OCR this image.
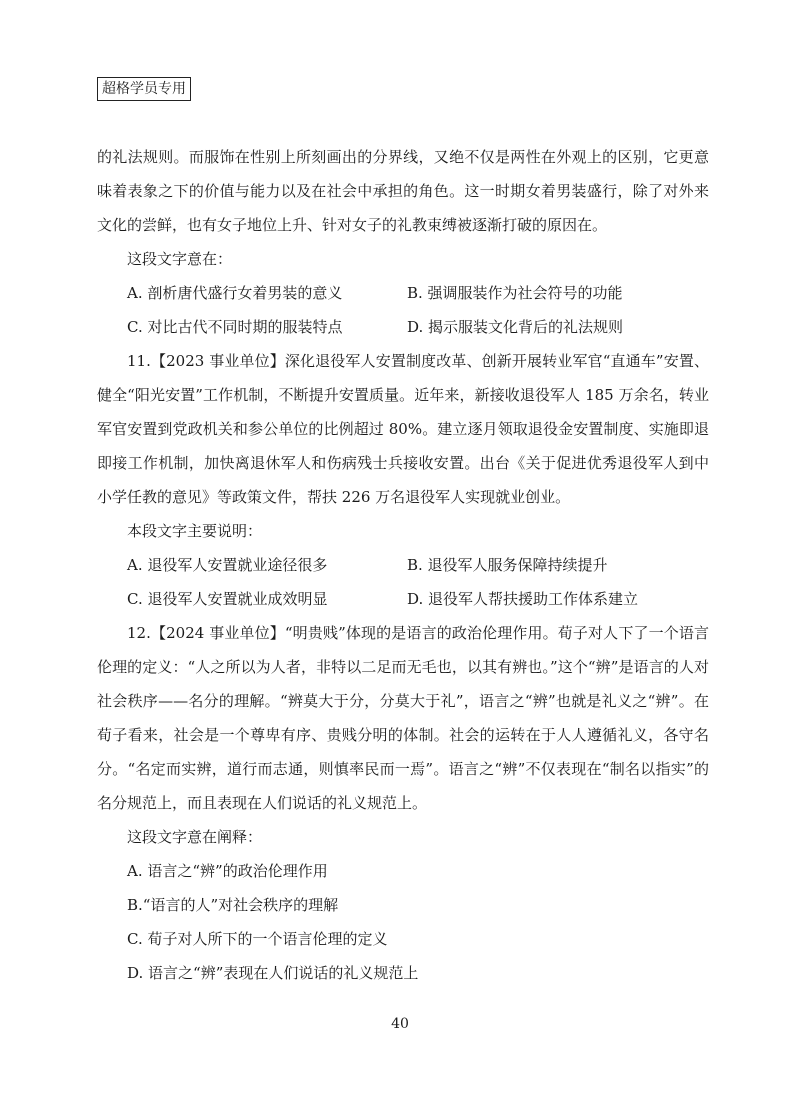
超格学员专用

的礼法规则。而服饰在性别上所刻画出的分界线，又绝不仅是两性在外观上的区别，它更意味着表象之下的价值与能力以及在社会中承担的角色。这一时期女着男装盛行，除了对外来文化的尝鲜，也有女子地位上升、针对女子的礼教束缚被逐渐打破的原因在。

这段文字意在：

A. 剖析唐代盛行女着男装的意义	B. 强调服装作为社会符号的功能
C. 对比古代不同时期的服装特点	D. 揭示服装文化背后的礼法规则

11.【2023 事业单位】深化退役军人安置制度改革、创新开展转业军官“直通车”安置、健全“阳光安置”工作机制，不断提升安置质量。近年来，新接收退役军人 185 万余名，转业军官安置到党政机关和参公单位的比例超过 80%。建立逐月领取退役金安置制度、实施即退即接工作机制，加快离退休军人和伤病残士兵接收安置。出台《关于促进优秀退役军人到中小学任教的意见》等政策文件，帮扶 226 万名退役军人实现就业创业。

本段文字主要说明：

A. 退役军人安置就业途径很多	B. 退役军人服务保障持续提升
C. 退役军人安置就业成效明显	D. 退役军人帮扶援助工作体系建立

12.【2024 事业单位】“明贵贱”体现的是语言的政治伦理作用。荀子对人下了一个语言伦理的定义：“人之所以为人者，非特以二足而无毛也，以其有辨也。”这个“辨”是语言的人对社会秩序——名分的理解。“辨莫大于分，分莫大于礼”，语言之“辨”也就是礼义之“辨”。在荀子看来，社会是一个尊卑有序、贵贱分明的体制。社会的运转在于人人遵循礼义，各守名分。“名定而实辨，道行而志通，则慎率民而一焉”。语言之“辨”不仅表现在“制名以指实”的名分规范上，而且表现在人们说话的礼义规范上。

这段文字意在阐释：

A. 语言之“辨”的政治伦理作用
B.“语言的人”对社会秩序的理解
C. 荀子对人所下的一个语言伦理的定义
D. 语言之“辨”表现在人们说话的礼义规范上
40
